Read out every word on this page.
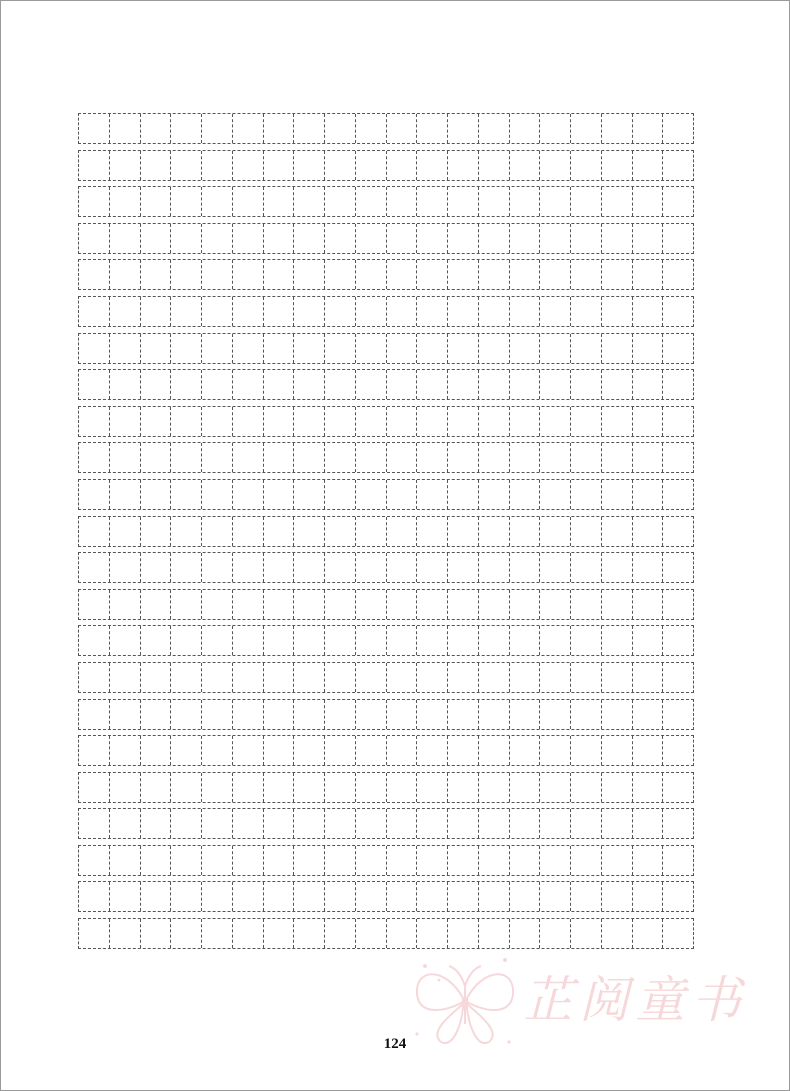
芷阅童书
124
